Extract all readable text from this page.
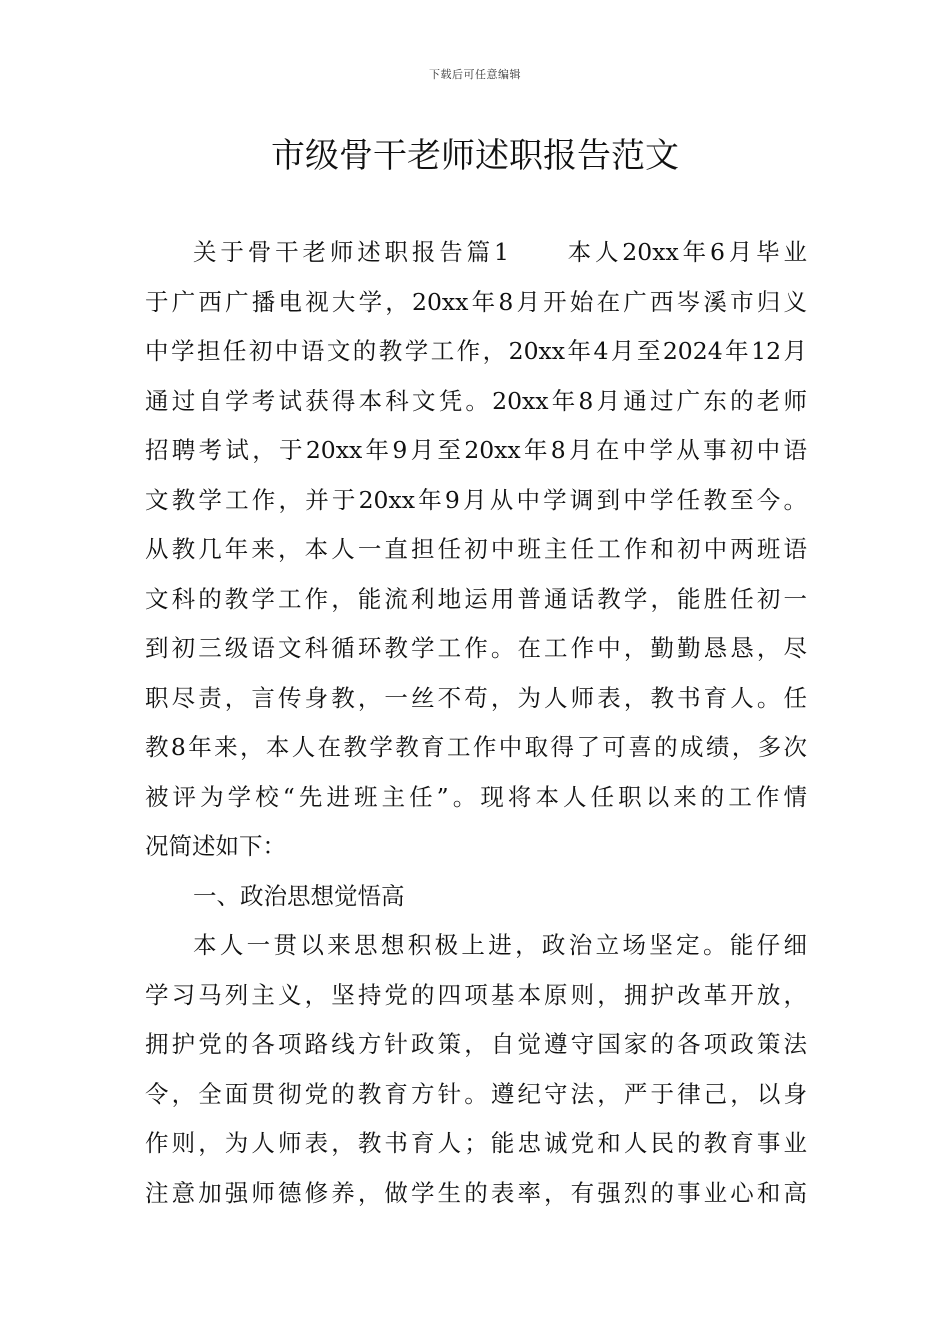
下载后可任意编辑
市级骨干老师述职报告范文
关于骨干老师述职报告篇1　　本人20xx年6月毕业
于广西广播电视大学，20xx年8月开始在广西岑溪市归义
中学担任初中语文的教学工作，20xx年4月至2024年12月
通过自学考试获得本科文凭。20xx年8月通过广东的老师
招聘考试，于20xx年9月至20xx年8月在中学从事初中语
文教学工作，并于20xx年9月从中学调到中学任教至今。
从教几年来，本人一直担任初中班主任工作和初中两班语
文科的教学工作，能流利地运用普通话教学，能胜任初一
到初三级语文科循环教学工作。在工作中，勤勤恳恳，尽
职尽责，言传身教，一丝不苟，为人师表，教书育人。任
教8年来，本人在教学教育工作中取得了可喜的成绩，多次
被评为学校“先进班主任”。现将本人任职以来的工作情
况简述如下：
一、政治思想觉悟高
本人一贯以来思想积极上进，政治立场坚定。能仔细
学习马列主义，坚持党的四项基本原则，拥护改革开放，
拥护党的各项路线方针政策，自觉遵守国家的各项政策法
令，全面贯彻党的教育方针。遵纪守法，严于律己，以身
作则，为人师表，教书育人；能忠诚党和人民的教育事业
注意加强师德修养，做学生的表率，有强烈的事业心和高
